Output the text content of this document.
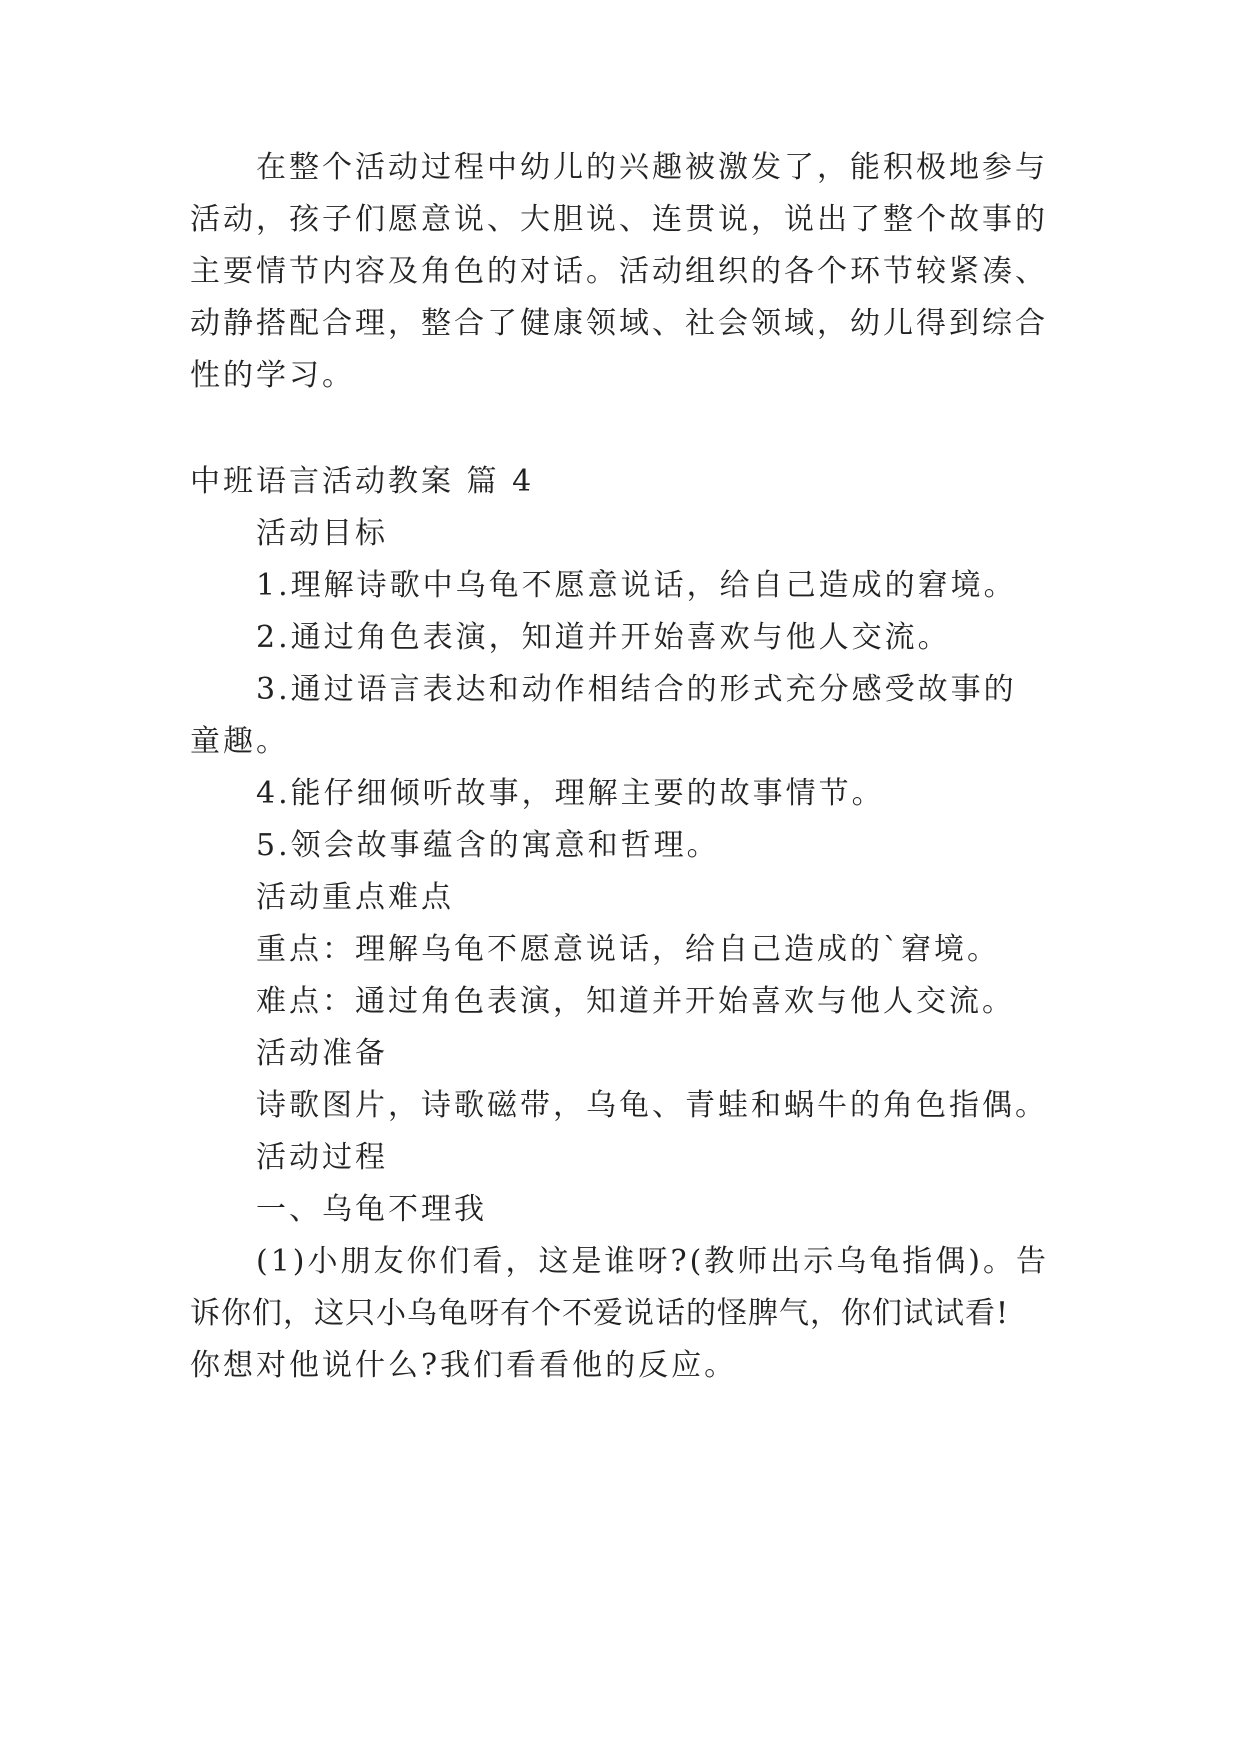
在整个活动过程中幼儿的兴趣被激发了，能积极地参与
活动，孩子们愿意说、大胆说、连贯说，说出了整个故事的
主要情节内容及角色的对话。活动组织的各个环节较紧凑、
动静搭配合理，整合了健康领域、社会领域，幼儿得到综合
性的学习。
中班语言活动教案 篇 4
活动目标
1.理解诗歌中乌龟不愿意说话，给自己造成的窘境。
2.通过角色表演，知道并开始喜欢与他人交流。
3.通过语言表达和动作相结合的形式充分感受故事的
童趣。
4.能仔细倾听故事，理解主要的故事情节。
5.领会故事蕴含的寓意和哲理。
活动重点难点
重点：理解乌龟不愿意说话，给自己造成的`窘境。
难点：通过角色表演，知道并开始喜欢与他人交流。
活动准备
诗歌图片，诗歌磁带，乌龟、青蛙和蜗牛的角色指偶。
活动过程
一、乌龟不理我
(1)小朋友你们看，这是谁呀?(教师出示乌龟指偶)。告
诉你们，这只小乌龟呀有个不爱说话的怪脾气，你们试试看!
你想对他说什么?我们看看他的反应。
